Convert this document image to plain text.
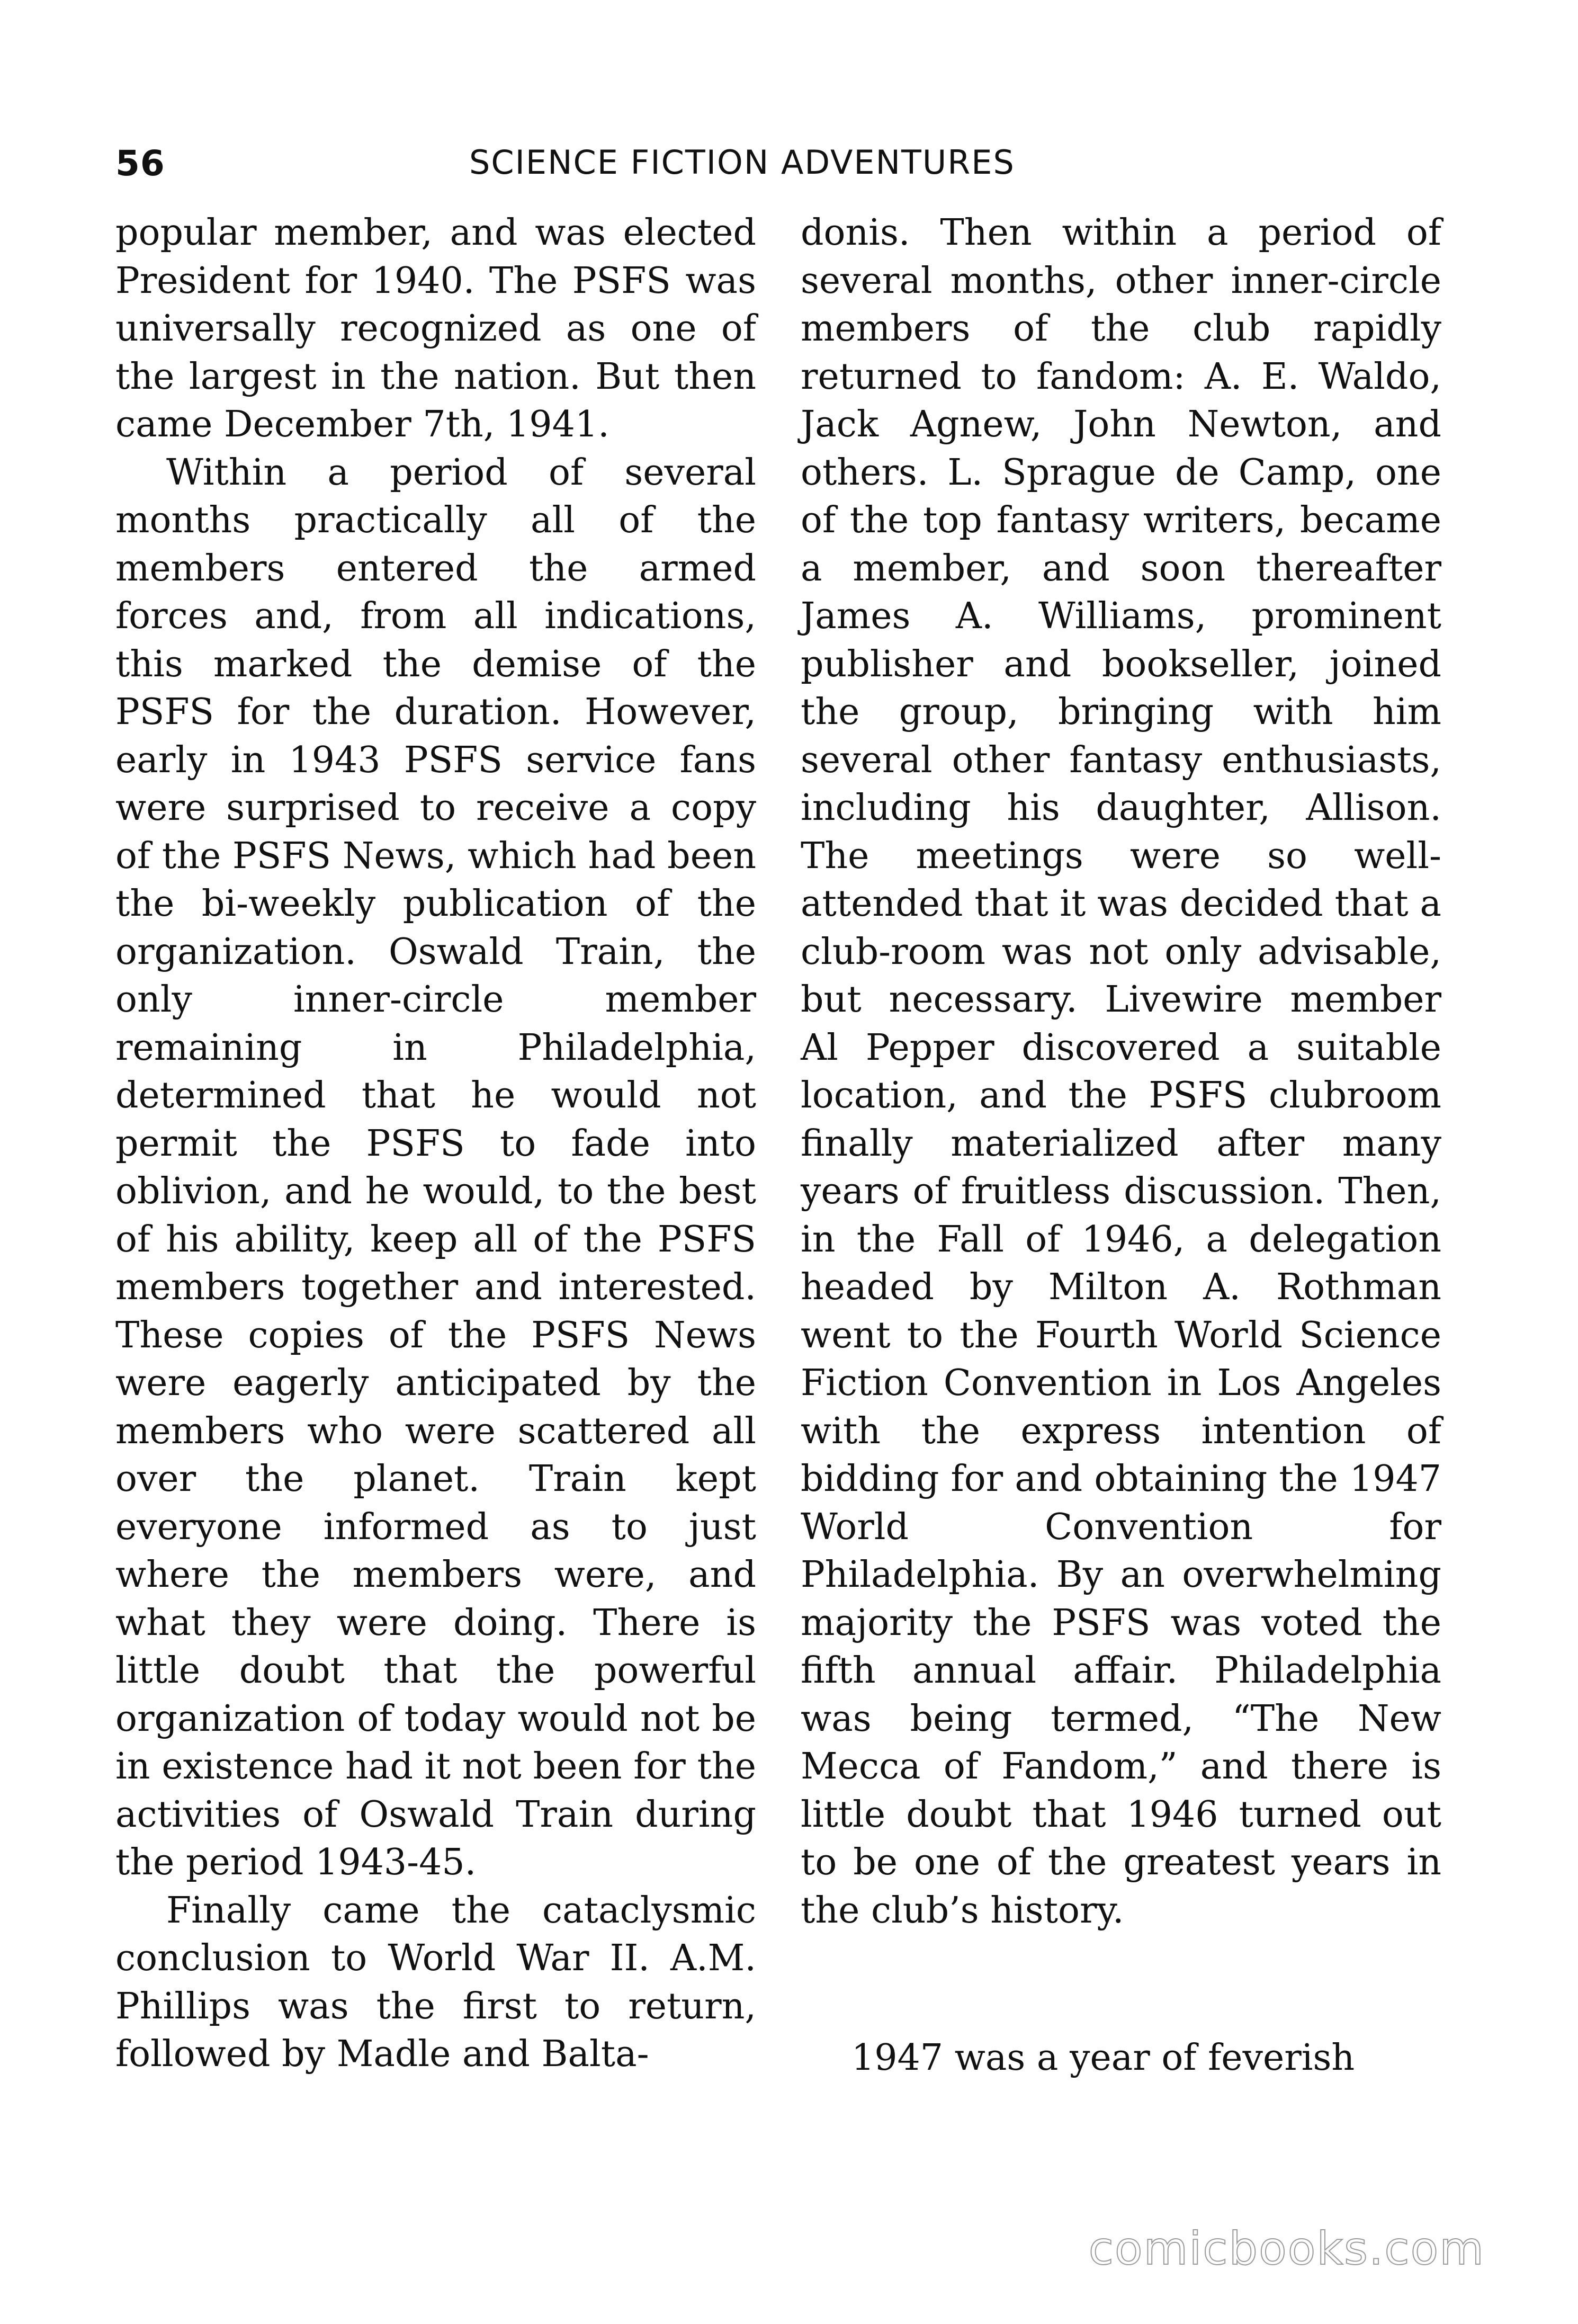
56	SCIENCE FICTION ADVENTURES

popular member, and was elected President for 1940. The PSFS was universally recognized as one of the largest in the nation. But then came December 7th, 1941.

Within a period of several months practically all of the members entered the armed forces and, from all indications, this marked the demise of the PSFS for the duration. However, early in 1943 PSFS service fans were surprised to receive a copy of the PSFS News, which had been the bi-weekly publication of the organization. Oswald Train, the only inner-circle member remaining in Philadelphia, determined that he would not permit the PSFS to fade into oblivion, and he would, to the best of his ability, keep all of the PSFS members together and interested. These copies of the PSFS News were eagerly anticipated by the members who were scattered all over the planet. Train kept everyone informed as to just where the members were, and what they were doing. There is little doubt that the powerful organization of today would not be in existence had it not been for the activities of Oswald Train during the period 1943-45.

Finally came the cataclysmic conclusion to World War II. A.M. Phillips was the first to return, followed by Madle and Balta-

donis. Then within a period of several months, other inner-circle members of the club rapidly returned to fandom: A. E. Waldo, Jack Agnew, John Newton, and others. L. Sprague de Camp, one of the top fantasy writers, became a member, and soon thereafter James A. Williams, prominent publisher and bookseller, joined the group, bringing with him several other fantasy enthusiasts, including his daughter, Allison. The meetings were so well-attended that it was decided that a club-room was not only advisable, but necessary. Livewire member Al Pepper discovered a suitable location, and the PSFS clubroom finally materialized after many years of fruitless discussion. Then, in the Fall of 1946, a delegation headed by Milton A. Rothman went to the Fourth World Science Fiction Convention in Los Angeles with the express intention of bidding for and obtaining the 1947 World Convention for Philadelphia. By an overwhelming majority the PSFS was voted the fifth annual affair. Philadelphia was being termed, “The New Mecca of Fandom,” and there is little doubt that 1946 turned out to be one of the greatest years in the club’s history.

1947 was a year of feverish

comicbooks.com
